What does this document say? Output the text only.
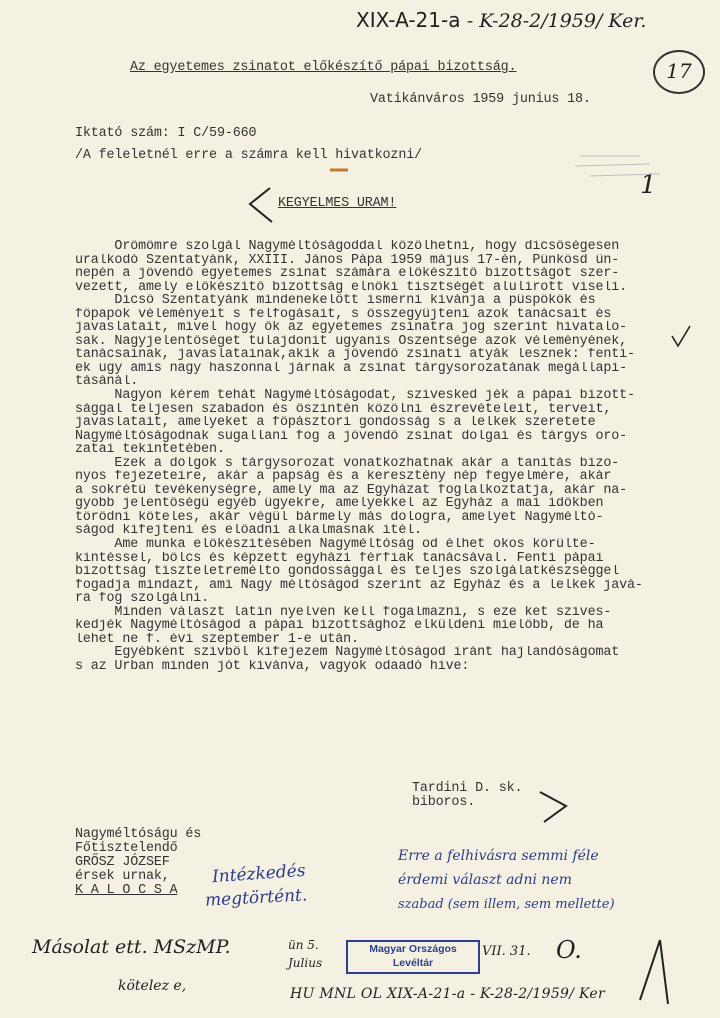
XIX-A-21-a - K-28-2/1959/ Ker.
17
Az egyetemes zsinatot előkészítő pápai bizottság.
Vatikánváros 1959 junius 18.
Iktató szám: I C/59-660
/A feleletnél erre a számra kell hivatkozni/
1
KEGYELMES URAM!
Örömömre szolgál Nagyméltóságoddal közölhetni, hogy dicsőségesen
uralkodó Szentatyánk, XXIII. János Pápa 1959 május 17-én, Pünkösd ün-
nepén a jövendő egyetemes zsinat számára előkészítő bizottságot szer-
vezett, amely előkészítő bizottság elnöki tisztségét alulirott viseli.
Dicső Szentatyánk mindenekelőtt ismerni kivánja a püspökök és
főpapok véleményeit s felfogásait, s összegyüjteni azok tanácsait és
javaslatait, mivel hogy ők az egyetemes zsinatra jog szerint hivatalo-
sak. Nagyjelentőséget tulajdonit ugyanis Őszentsége azok véleményének,
tanácsainak, javaslatainak,akik a jövendő zsinati atyák lesznek: fenti-
ek ugy amis nagy haszonnal járnak a zsinat tárgysorozatának megállapi-
tásánál.
Nagyon kérem tehát Nagyméltóságodat, szivesked jék a pápai bizott-
sággal teljesen szabadon és őszintén közölni észrevételeit, terveit,
javaslatait, amelyeket a főpásztori gondosság s a lelkek szeretete
Nagyméltóságodnak sugallani fog a jövendő zsinat dolgai és tárgys oro-
zatai tekintetében.
Ezek a dolgok s tárgysorozat vonatkozhatnak akár a tanitás bizo-
nyos fejezeteire, akár a papság és a keresztény nép fegyelmére, akár
a sokrétü tevékenységre, amely ma az Egyházat foglalkoztatja, akár na-
gyobb jelentőségü egyéb ügyekre, amelyekkel az Egyház a mai időkben
törődni köteles, akár végül bármely más dologra, amelyet Nagyméltó-
ságod kifejteni és előadni alkalmasnak itél.
Ame munka előkészitésében Nagyméltóság od élhet okos körülte-
kintéssel, bölcs és képzett egyházi férfiak tanácsával. Fenti pápai
bizottság tiszteletremélto gondossággal és teljes szolgálatkészséggel
fogadja mindazt, ami Nagy méltóságod szerint az Egyház és a lelkek javá-
ra fog szolgálni.
Minden választ latin nyelven kell fogalmazni, s eze ket szives-
kedjék Nagyméltóságod a pápai bizottsághoz elküldeni mielőbb, de ha
lehet ne f. évi szeptember 1-e után.
Egyébként szivből kifejezem Nagyméltóságod iránt hajlandóságomat
s az Urban minden jót kivánva, vagyok odaadó hive:
Tardini D. sk.
biboros.
Nagyméltóságu és
Főtisztelendő
GRŐSZ JÓZSEF
érsek urnak,
K A L O C S A
Intézkedés
megtörtént.
Erre a felhivásra semmi féle
érdemi választ adni nem
szabad (sem illem, sem mellette)
Másolat ett. MSzMP.
kötelez e,
ün 5. Julius
VII. 31. O.
Magyar Országos
Levéltár
HU MNL OL XIX-A-21-a - K-28-2/1959/ Ker
